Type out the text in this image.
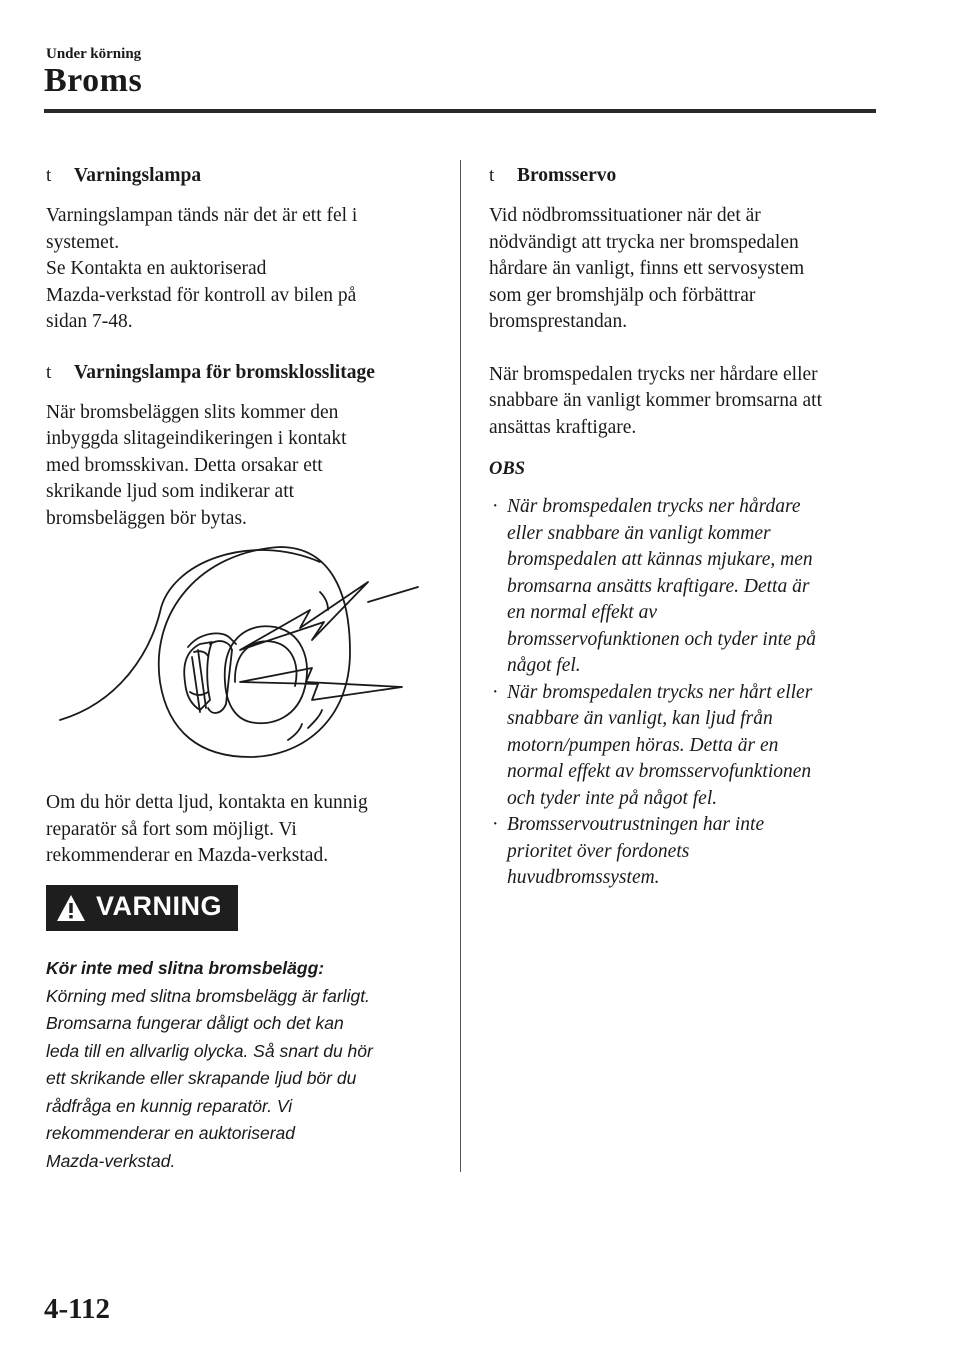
Under körning
Broms
t Varningslampa
Varningslampan tänds när det är ett fel i
systemet.
Se Kontakta en auktoriserad
Mazda-verkstad för kontroll av bilen på
sidan 7-48.
t Varningslampa för bromsklosslitage
När bromsbeläggen slits kommer den
inbyggda slitageindikeringen i kontakt
med bromsskivan. Detta orsakar ett
skrikande ljud som indikerar att
bromsbeläggen bör bytas.
Om du hör detta ljud, kontakta en kunnig
reparatör så fort som möjligt. Vi
rekommenderar en Mazda-verkstad.
VARNING
Kör inte med slitna bromsbelägg:
Körning med slitna bromsbelägg är farligt.
Bromsarna fungerar dåligt och det kan
leda till en allvarlig olycka. Så snart du hör
ett skrikande eller skrapande ljud bör du
rådfråga en kunnig reparatör. Vi
rekommenderar en auktoriserad
Mazda-verkstad.
t Bromsservo
Vid nödbromssituationer när det är
nödvändigt att trycka ner bromspedalen
hårdare än vanligt, finns ett servosystem
som ger bromshjälp och förbättrar
bromsprestandan.
När bromspedalen trycks ner hårdare eller
snabbare än vanligt kommer bromsarna att
ansättas kraftigare.
OBS
· När bromspedalen trycks ner hårdare
eller snabbare än vanligt kommer
bromspedalen att kännas mjukare, men
bromsarna ansätts kraftigare. Detta är
en normal effekt av
bromsservofunktionen och tyder inte på
något fel.
· När bromspedalen trycks ner hårt eller
snabbare än vanligt, kan ljud från
motorn/pumpen höras. Detta är en
normal effekt av bromsservofunktionen
och tyder inte på något fel.
· Bromsservoutrustningen har inte
prioritet över fordonets
huvudbromssystem.
4-112
